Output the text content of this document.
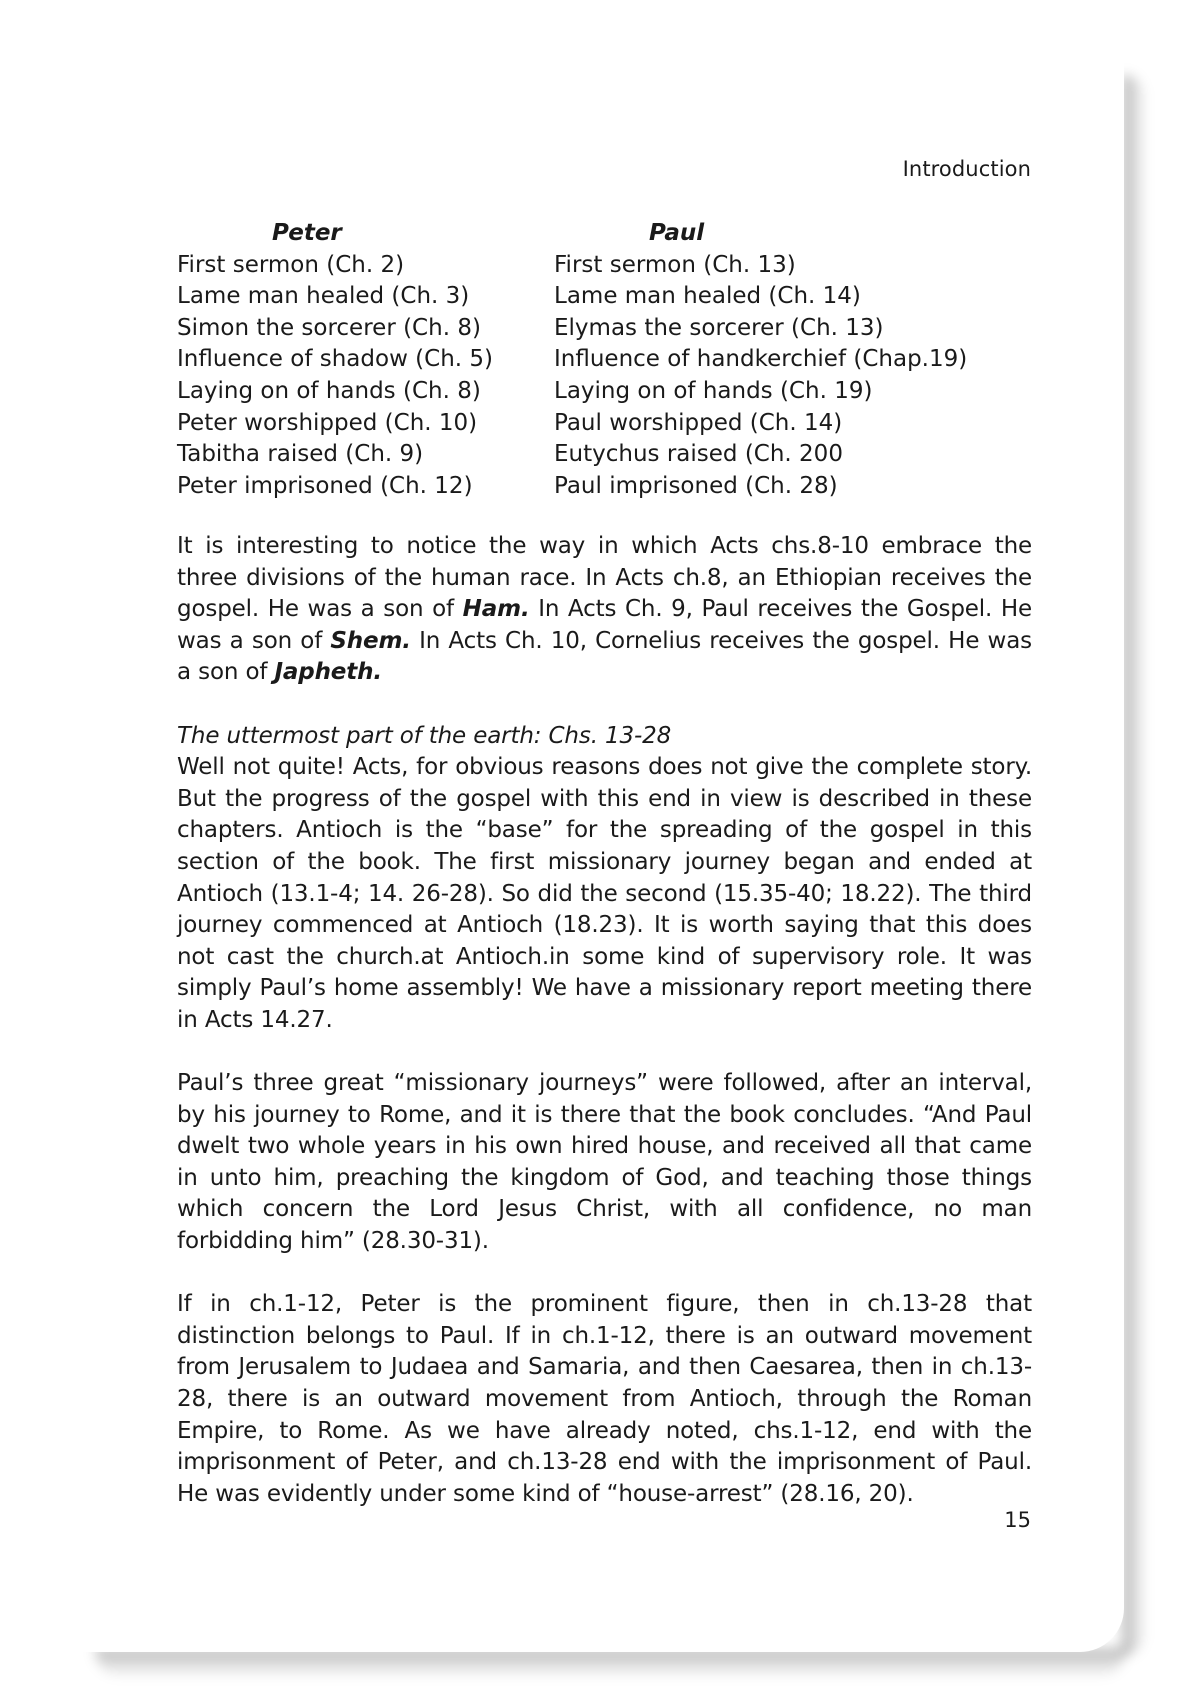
Introduction
Peter	Paul
First sermon (Ch. 2)	First sermon (Ch. 13)
Lame man healed (Ch. 3)	Lame man healed (Ch. 14)
Simon the sorcerer (Ch. 8)	Elymas the sorcerer (Ch. 13)
Influence of shadow (Ch. 5)	Influence of handkerchief (Chap.19)
Laying on of hands (Ch. 8)	Laying on of hands (Ch. 19)
Peter worshipped (Ch. 10)	Paul worshipped (Ch. 14)
Tabitha raised (Ch. 9)	Eutychus raised (Ch. 200
Peter imprisoned (Ch. 12)	Paul imprisoned (Ch. 28)

It is interesting to notice the way in which Acts chs.8-10 embrace the three divisions of the human race. In Acts ch.8, an Ethiopian receives the gospel. He was a son of Ham. In Acts Ch. 9, Paul receives the Gospel. He was a son of Shem. In Acts Ch. 10, Cornelius receives the gospel. He was a son of Japheth.

The uttermost part of the earth: Chs. 13-28
Well not quite! Acts, for obvious reasons does not give the complete story. But the progress of the gospel with this end in view is described in these chapters. Antioch is the “base” for the spreading of the gospel in this section of the book. The first missionary journey began and ended at Antioch (13.1-4; 14. 26-28). So did the second (15.35-40; 18.22). The third journey commenced at Antioch (18.23). It is worth saying that this does not cast the church.at Antioch.in some kind of supervisory role. It was simply Paul’s home assembly! We have a missionary report meeting there in Acts 14.27.

Paul’s three great “missionary journeys” were followed, after an interval, by his journey to Rome, and it is there that the book concludes. “And Paul dwelt two whole years in his own hired house, and received all that came in unto him, preaching the kingdom of God, and teaching those things which concern the Lord Jesus Christ, with all confidence, no man forbidding him” (28.30-31).

If in ch.1-12, Peter is the prominent figure, then in ch.13-28 that distinction belongs to Paul. If in ch.1-12, there is an outward movement from Jerusalem to Judaea and Samaria, and then Caesarea, then in ch.13-28, there is an outward movement from Antioch, through the Roman Empire, to Rome. As we have already noted, chs.1-12, end with the imprisonment of Peter, and ch.13-28 end with the imprisonment of Paul. He was evidently under some kind of “house-arrest” (28.16, 20).

15
